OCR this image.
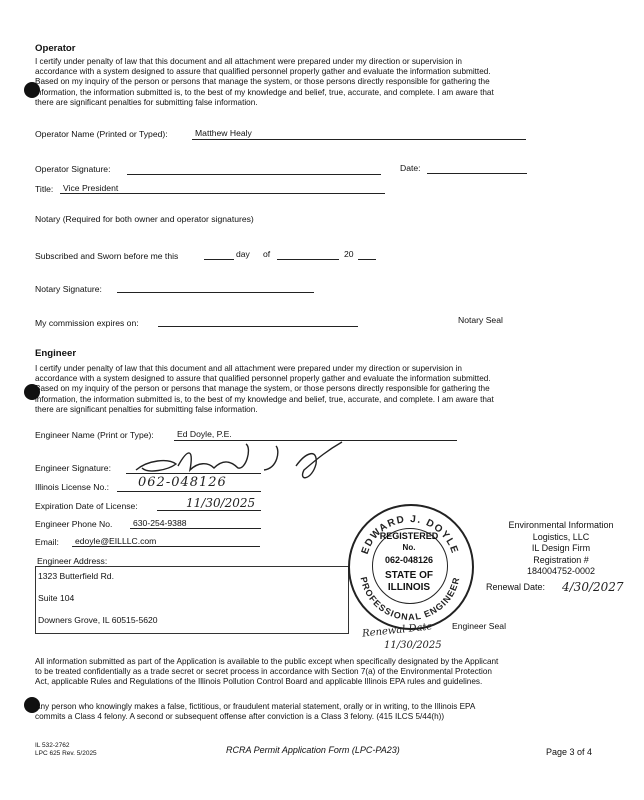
Operator
I certify under penalty of law that this document and all attachment were prepared under my direction or supervision in
accordance with a system designed to assure that qualified personnel properly gather and evaluate the information submitted.
Based on my inquiry of the person or persons that manage the system, or those persons directly responsible for gathering the
information, the information submitted is, to the best of my knowledge and belief, true, accurate, and complete. I am aware that
there are significant penalties for submitting false information.
Operator Name (Printed or Typed):	Matthew Healy
Operator Signature:	Date:
Title: Vice President
Notary (Required for both owner and operator signatures)
Subscribed and Sworn before me this	day of	20
Notary Signature:
My commission expires on:	Notary Seal
Engineer
I certify under penalty of law that this document and all attachment were prepared under my direction or supervision in
accordance with a system designed to assure that qualified personnel properly gather and evaluate the information submitted.
Based on my inquiry of the person or persons that manage the system, or those persons directly responsible for gathering the
information, the information submitted is, to the best of my knowledge and belief, true, accurate, and complete. I am aware that
there are significant penalties for submitting false information.
Engineer Name (Print or Type):	Ed Doyle, P.E.
Engineer Signature:
Illinois License No.: 062-048126
Expiration Date of License:	11/30/2025
Engineer Phone No. 630-254-9388
Email: edoyle@EILLLC.com
Engineer Address:
1323 Butterfield Rd.
Suite 104
Downers Grove, IL 60515-5620
EDWARD J. DOYLE
PROFESSIONAL ENGINEER
REGISTERED
No.
062-048126
STATE OF
ILLINOIS
Renewal Date
11/30/2025
Engineer Seal
Environmental Information
Logistics, LLC
IL Design Firm
Registration #
184004752-0002
Renewal Date: 4/30/2027
All information submitted as part of the Application is available to the public except when specifically designated by the Applicant
to be treated confidentially as a trade secret or secret process in accordance with Section 7(a) of the Environmental Protection
Act, applicable Rules and Regulations of the Illinois Pollution Control Board and applicable Illinois EPA rules and guidelines.
Any person who knowingly makes a false, fictitious, or fraudulent material statement, orally or in writing, to the Illinois EPA
commits a Class 4 felony. A second or subsequent offense after conviction is a Class 3 felony. (415 ILCS 5/44(h))
IL 532-2762
LPC 625 Rev. 5/2025	RCRA Permit Application Form (LPC-PA23)	Page 3 of 4
